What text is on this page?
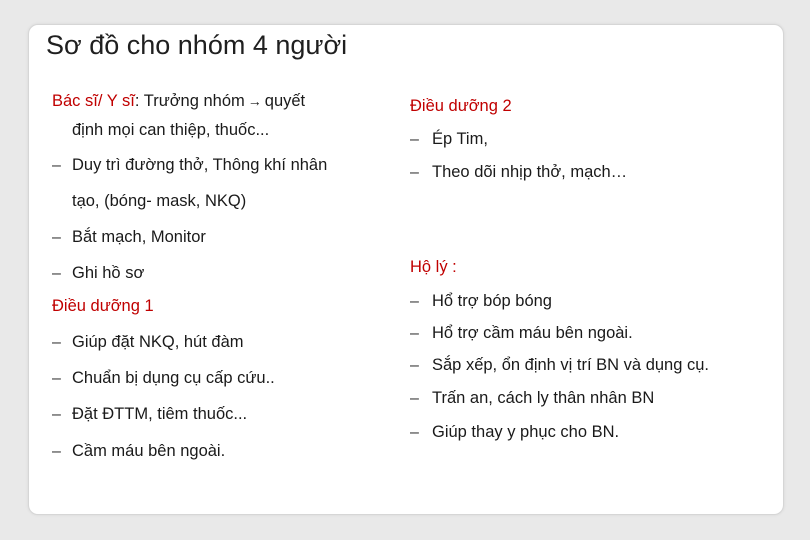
Sơ đồ cho nhóm 4 người
Bác sĩ/ Y sĩ: Trưởng nhóm → quyết
định mọi can thiệp, thuốc...
– Duy trì đường thở, Thông khí nhân
tạo, (bóng- mask, NKQ)
– Bắt mạch, Monitor
– Ghi hồ sơ
Điều dưỡng 1
– Giúp đặt NKQ, hút đàm
– Chuẩn bị dụng cụ cấp cứu..
– Đặt ĐTTM, tiêm thuốc...
– Cầm máu bên ngoài.
Điều dưỡng 2
– Ép Tim,
– Theo dõi nhịp thở, mạch…
Hộ lý :
– Hổ trợ bóp bóng
– Hổ trợ cầm máu bên ngoài.
– Sắp xếp, ổn định vị trí BN và dụng cụ.
– Trấn an, cách ly thân nhân BN
– Giúp thay y phục cho BN.
